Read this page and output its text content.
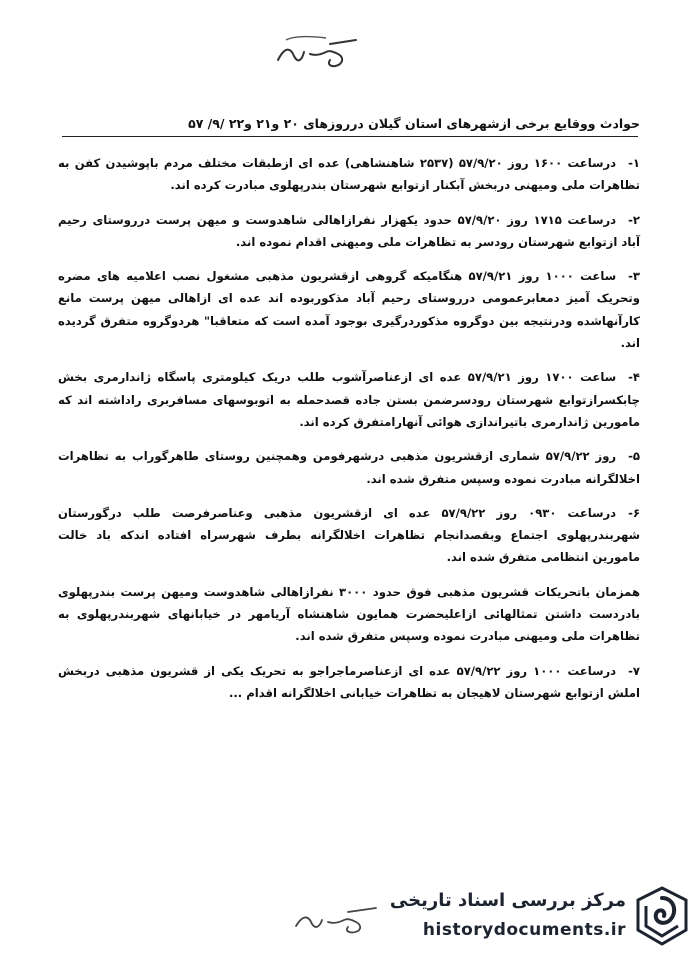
حوادث ووقایع برخی ازشهرهای استان گیلان درروزهای ۲۰ و۲۱ و۲۲ /۹/ ۵۷

۱-درساعت ۱۶۰۰ روز ۵۷/۹/۲۰ (۲۵۳۷ شاهنشاهی) عده ای ازطبقات مختلف مردم باپوشیدن کفن به تظاهرات ملی ومیهنی دربخش آبکنار ازتوابع شهرستان بندرپهلوی مبادرت کرده اند.

۲-درساعت ۱۷۱۵ روز ۵۷/۹/۲۰ حدود یکهزار نفرازاهالی شاهدوست و میهن پرست درروستای رحیم آباد ازتوابع شهرستان رودسر به تظاهرات ملی ومیهنی اقدام نموده اند.

۳-ساعت ۱۰۰۰ روز ۵۷/۹/۲۱ هنگامیکه گروهی ازقشریون مذهبی مشغول نصب اعلامیه های مضره وتحریک آمیز دمعابرعمومی درروستای رحیم آباد مذکوربوده اند عده ای ازاهالی میهن پرست مانع کارآنهاشده ودرنتیجه بین دوگروه مذکوردرگیری بوجود آمده است که متعاقبا" هردوگروه متفرق گردیده اند.

۴-ساعت ۱۷۰۰ روز ۵۷/۹/۲۱ عده ای ازعناصرآشوب طلب دریک کیلومتری پاسگاه ژاندارمری بخش چابکسرازتوابع شهرستان رودسرضمن بستن جاده قصدحمله به اتوبوسهای مسافربری راداشته اند که مامورین ژاندارمری باتیراندازی هوائی آنهارامتفرق کرده اند.

۵-روز ۵۷/۹/۲۲ شماری ازقشریون مذهبی درشهرفومن وهمچنین روستای طاهرگوراب به تظاهرات اخلالگرانه مبادرت نموده وسپس متفرق شده اند.

۶-درساعت ۰۹۳۰ روز ۵۷/۹/۲۲ عده ای ازقشریون مذهبی وعناصرفرصت طلب درگورستان شهربندرپهلوی اجتماع وبقصدانجام تظاهرات اخلالگرانه بطرف شهرسراه افتاده اندکه باد خالت مامورین انتظامی متفرق شده اند.

همزمان باتحریکات قشریون مذهبی فوق حدود ۳۰۰۰ نفرازاهالی شاهدوست ومیهن پرست بندرپهلوی بادردست داشتن تمثالهائی ازاعلیحضرت همایون شاهنشاه آریامهر در خیابانهای شهربندرپهلوی به تظاهرات ملی ومیهنی مبادرت نموده وسپس متفرق شده اند.

۷-درساعت ۱۰۰۰ روز ۵۷/۹/۲۲ عده ای ازعناصرماجراجو به تحریک یکی از قشریون مذهبی دربخش املش ازتوابع شهرستان لاهیجان به تظاهرات خیابانی اخلالگرانه اقدام ...

مرکز بررسی اسناد تاریخی
historydocuments.ir
